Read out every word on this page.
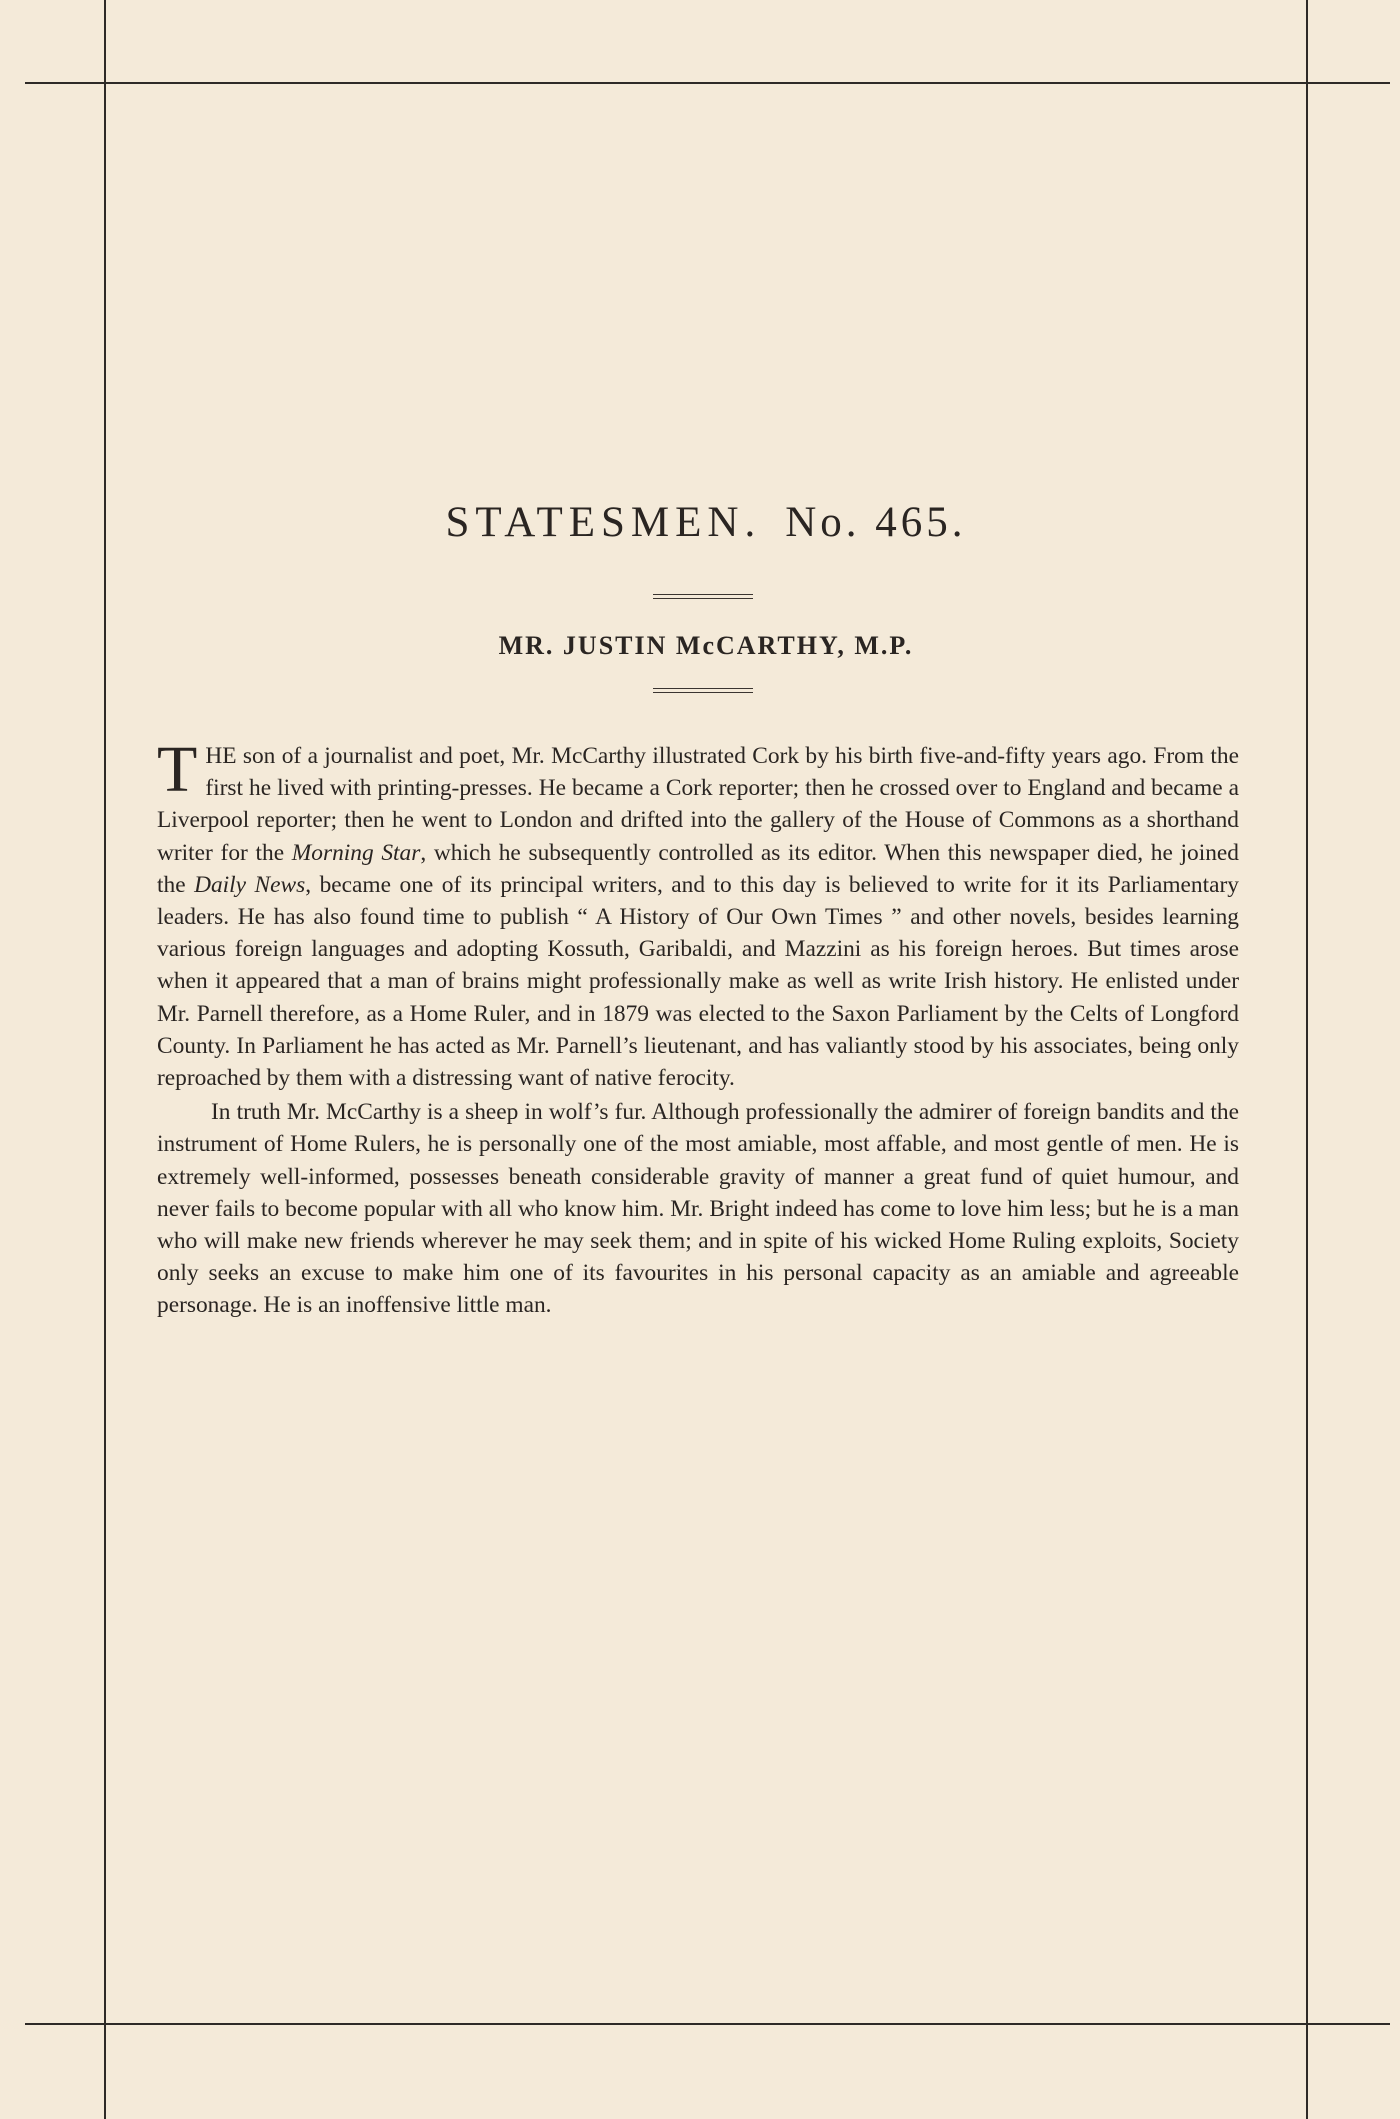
STATESMEN. No. 465.
MR. JUSTIN McCARTHY, M.P.

THE son of a journalist and poet, Mr. McCarthy illustrated Cork by his birth five-and-fifty years ago. From the first he lived with printing-presses. He became a Cork reporter; then he crossed over to England and became a Liverpool reporter; then he went to London and drifted into the gallery of the House of Commons as a shorthand writer for the Morning Star, which he subsequently controlled as its editor. When this newspaper died, he joined the Daily News, became one of its principal writers, and to this day is believed to write for it its Parliamentary leaders. He has also found time to publish “ A History of Our Own Times ” and other novels, besides learning various foreign languages and adopting Kossuth, Garibaldi, and Mazzini as his foreign heroes. But times arose when it appeared that a man of brains might professionally make as well as write Irish history. He enlisted under Mr. Parnell therefore, as a Home Ruler, and in 1879 was elected to the Saxon Parliament by the Celts of Longford County. In Parliament he has acted as Mr. Parnell’s lieutenant, and has valiantly stood by his associates, being only reproached by them with a distressing want of native ferocity.

In truth Mr. McCarthy is a sheep in wolf’s fur. Although professionally the admirer of foreign bandits and the instrument of Home Rulers, he is personally one of the most amiable, most affable, and most gentle of men. He is extremely well-informed, possesses beneath considerable gravity of manner a great fund of quiet humour, and never fails to become popular with all who know him. Mr. Bright indeed has come to love him less; but he is a man who will make new friends wherever he may seek them; and in spite of his wicked Home Ruling exploits, Society only seeks an excuse to make him one of its favourites in his personal capacity as an amiable and agreeable personage. He is an inoffensive little man.
